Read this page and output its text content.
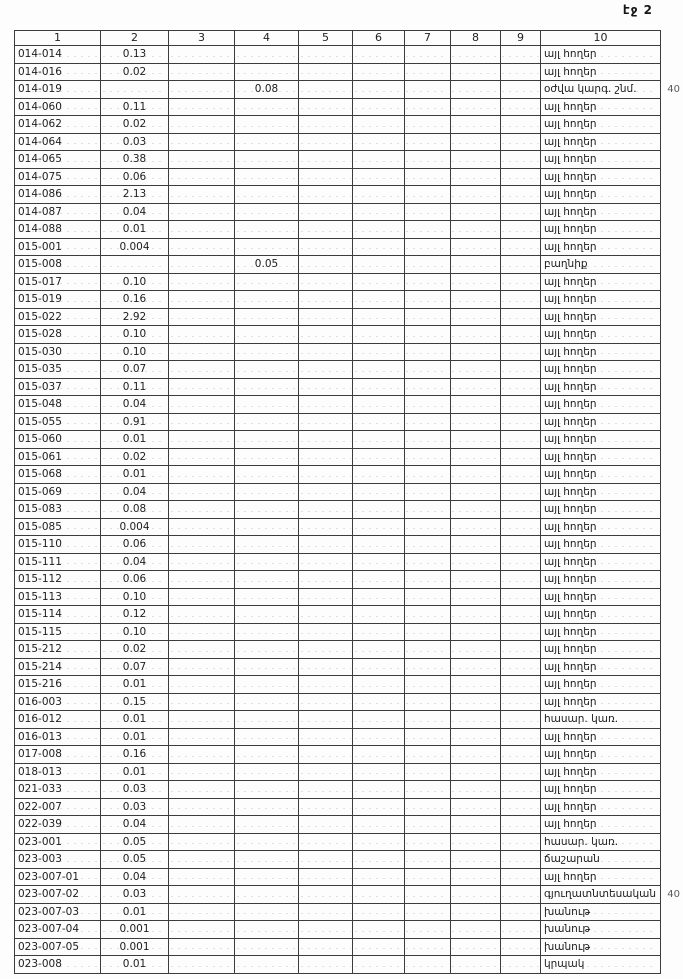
էջ 2
1	2	3	4	5	6	7	8	9	10
014-014	0.13								այլ հողեր
014-016	0.02								այլ հողեր
014-019			0.08						օժվա կարգ. շնմ.
014-060	0.11								այլ հողեր
014-062	0.02								այլ հողեր
014-064	0.03								այլ հողեր
014-065	0.38								այլ հողեր
014-075	0.06								այլ հողեր
014-086	2.13								այլ հողեր
014-087	0.04								այլ հողեր
014-088	0.01								այլ հողեր
015-001	0.004								այլ հողեր
015-008			0.05						բաղնիք
015-017	0.10								այլ հողեր
015-019	0.16								այլ հողեր
015-022	2.92								այլ հողեր
015-028	0.10								այլ հողեր
015-030	0.10								այլ հողեր
015-035	0.07								այլ հողեր
015-037	0.11								այլ հողեր
015-048	0.04								այլ հողեր
015-055	0.91								այլ հողեր
015-060	0.01								այլ հողեր
015-061	0.02								այլ հողեր
015-068	0.01								այլ հողեր
015-069	0.04								այլ հողեր
015-083	0.08								այլ հողեր
015-085	0.004								այլ հողեր
015-110	0.06								այլ հողեր
015-111	0.04								այլ հողեր
015-112	0.06								այլ հողեր
015-113	0.10								այլ հողեր
015-114	0.12								այլ հողեր
015-115	0.10								այլ հողեր
015-212	0.02								այլ հողեր
015-214	0.07								այլ հողեր
015-216	0.01								այլ հողեր
016-003	0.15								այլ հողեր
016-012	0.01								հասար. կառ.
016-013	0.01								այլ հողեր
017-008	0.16								այլ հողեր
018-013	0.01								այլ հողեր
021-033	0.03								այլ հողեր
022-007	0.03								այլ հողեր
022-039	0.04								այլ հողեր
023-001	0.05								հասար. կառ.
023-003	0.05								ճաշարան
023-007-01	0.04								այլ հողեր
023-007-02	0.03								գյուղատնտեսական
023-007-03	0.01								խանութ
023-007-04	0.001								խանութ
023-007-05	0.001								խանութ
023-008	0.01								կրպակ
40
40
